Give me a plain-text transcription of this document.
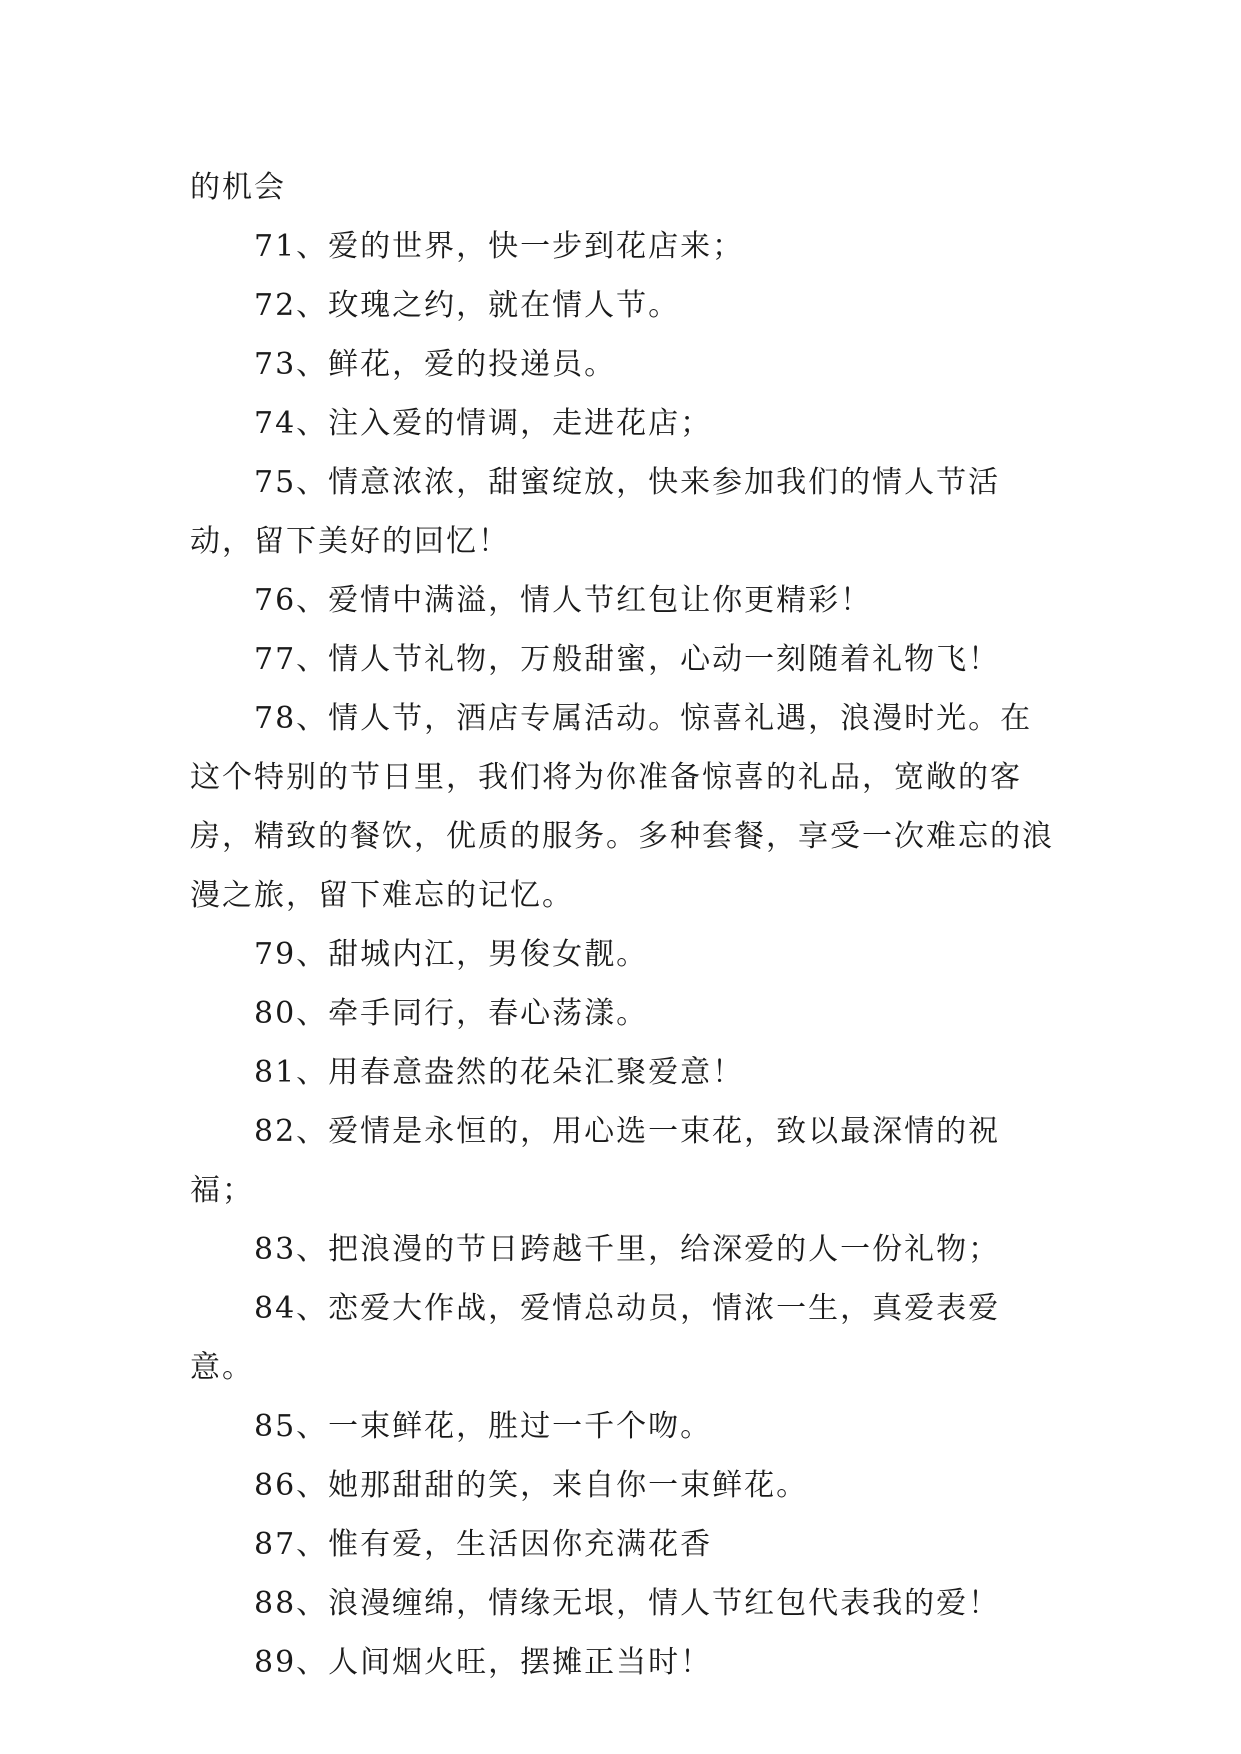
的机会

71、爱的世界，快一步到花店来；

72、玫瑰之约，就在情人节。

73、鲜花，爱的投递员。

74、注入爱的情调，走进花店；

75、情意浓浓，甜蜜绽放，快来参加我们的情人节活动，留下美好的回忆！

76、爱情中满溢，情人节红包让你更精彩！

77、情人节礼物，万般甜蜜，心动一刻随着礼物飞！

78、情人节，酒店专属活动。惊喜礼遇，浪漫时光。在这个特别的节日里，我们将为你准备惊喜的礼品，宽敞的客房，精致的餐饮，优质的服务。多种套餐，享受一次难忘的浪漫之旅，留下难忘的记忆。

79、甜城内江，男俊女靓。

80、牵手同行，春心荡漾。

81、用春意盎然的花朵汇聚爱意！

82、爱情是永恒的，用心选一束花，致以最深情的祝福；

83、把浪漫的节日跨越千里，给深爱的人一份礼物；

84、恋爱大作战，爱情总动员，情浓一生，真爱表爱意。

85、一束鲜花，胜过一千个吻。

86、她那甜甜的笑，来自你一束鲜花。

87、惟有爱，生活因你充满花香

88、浪漫缠绵，情缘无垠，情人节红包代表我的爱！

89、人间烟火旺，摆摊正当时！
